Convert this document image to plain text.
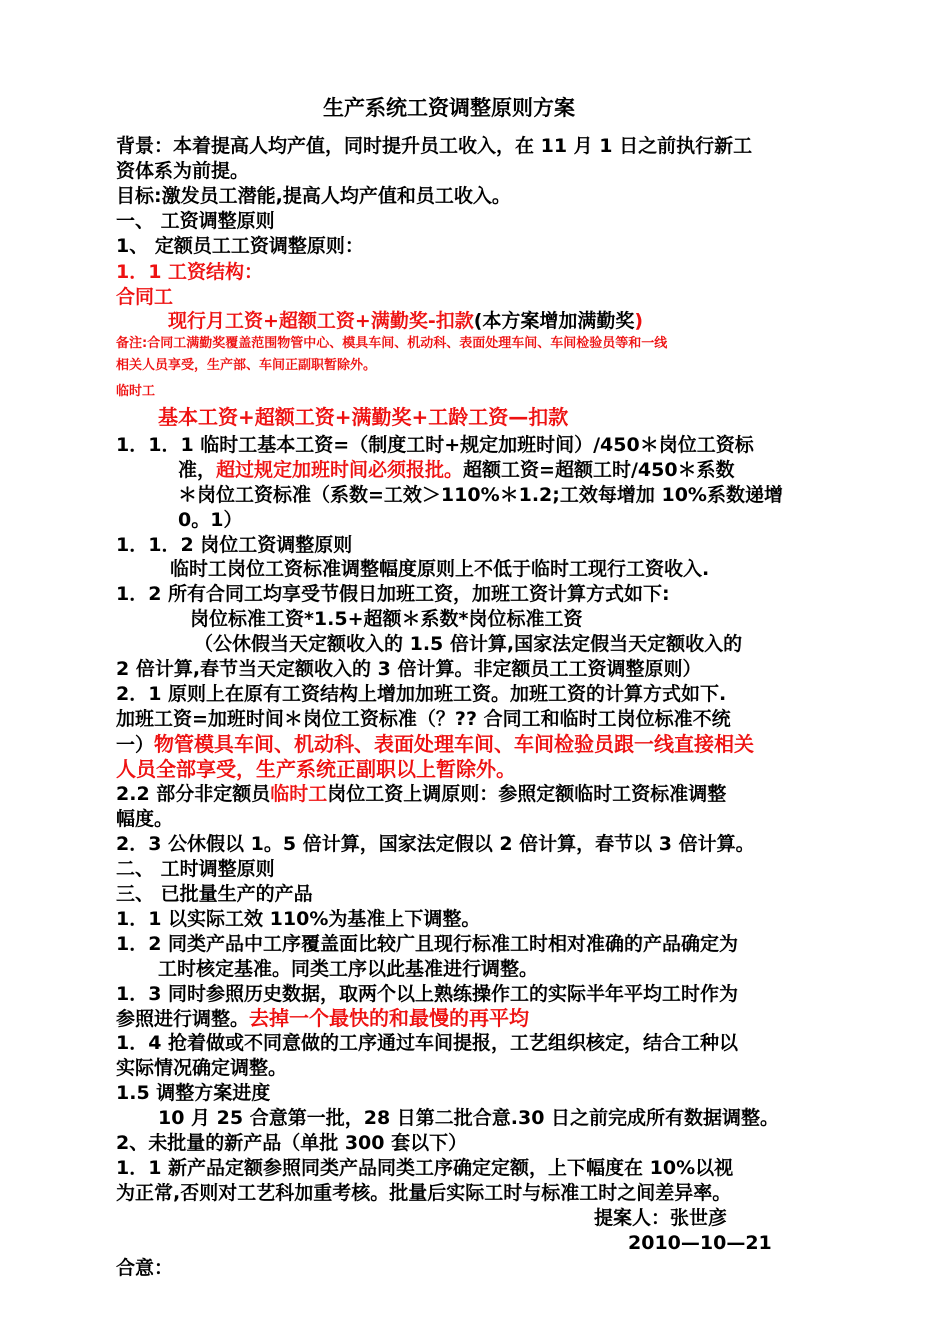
生产系统工资调整原则方案
背景：本着提高人均产值，同时提升员工收入，在 11 月 1 日之前执行新工
资体系为前提。
目标:激发员工潜能,提高人均产值和员工收入。
一、 工资调整原则
1、 定额员工工资调整原则：
1．1 工资结构：
合同工
现行月工资+超额工资+满勤奖-扣款(本方案增加满勤奖)
备注:合同工满勤奖覆盖范围物管中心、模具车间、机动科、表面处理车间、车间检验员等和一线
相关人员享受，生产部、车间正副职暂除外。
临时工
基本工资+超额工资+满勤奖+工龄工资—扣款
1．1．1 临时工基本工资=（制度工时+规定加班时间）/450＊岗位工资标
准，超过规定加班时间必须报批。超额工资=超额工时/450＊系数
＊岗位工资标准（系数=工效＞110%＊1.2;工效每增加 10%系数递增
0。1）
1．1．2 岗位工资调整原则
临时工岗位工资标准调整幅度原则上不低于临时工现行工资收入.
1．2 所有合同工均享受节假日加班工资，加班工资计算方式如下:
岗位标准工资*1.5+超额＊系数*岗位标准工资
（公休假当天定额收入的 1.5 倍计算,国家法定假当天定额收入的
2 倍计算,春节当天定额收入的 3 倍计算。非定额员工工资调整原则）
2．1 原则上在原有工资结构上增加加班工资。加班工资的计算方式如下.
加班工资=加班时间＊岗位工资标准（？?? 合同工和临时工岗位标准不统
一）物管模具车间、机动科、表面处理车间、车间检验员跟一线直接相关
人员全部享受，生产系统正副职以上暂除外。
2.2 部分非定额员临时工岗位工资上调原则：参照定额临时工资标准调整
幅度。
2．3 公休假以 1。5 倍计算，国家法定假以 2 倍计算，春节以 3 倍计算。
二、 工时调整原则
三、 已批量生产的产品
1．1 以实际工效 110%为基准上下调整。
1．2 同类产品中工序覆盖面比较广且现行标准工时相对准确的产品确定为
工时核定基准。同类工序以此基准进行调整。
1．3 同时参照历史数据，取两个以上熟练操作工的实际半年平均工时作为
参照进行调整。去掉一个最快的和最慢的再平均
1．4 抢着做或不同意做的工序通过车间提报，工艺组织核定，结合工种以
实际情况确定调整。
1.5 调整方案进度
10 月 25 合意第一批，28 日第二批合意.30 日之前完成所有数据调整。
2、未批量的新产品（单批 300 套以下）
1．1 新产品定额参照同类产品同类工序确定定额，上下幅度在 10%以视
为正常,否则对工艺科加重考核。批量后实际工时与标准工时之间差异率。
提案人：张世彦
2010—10—21
合意：
